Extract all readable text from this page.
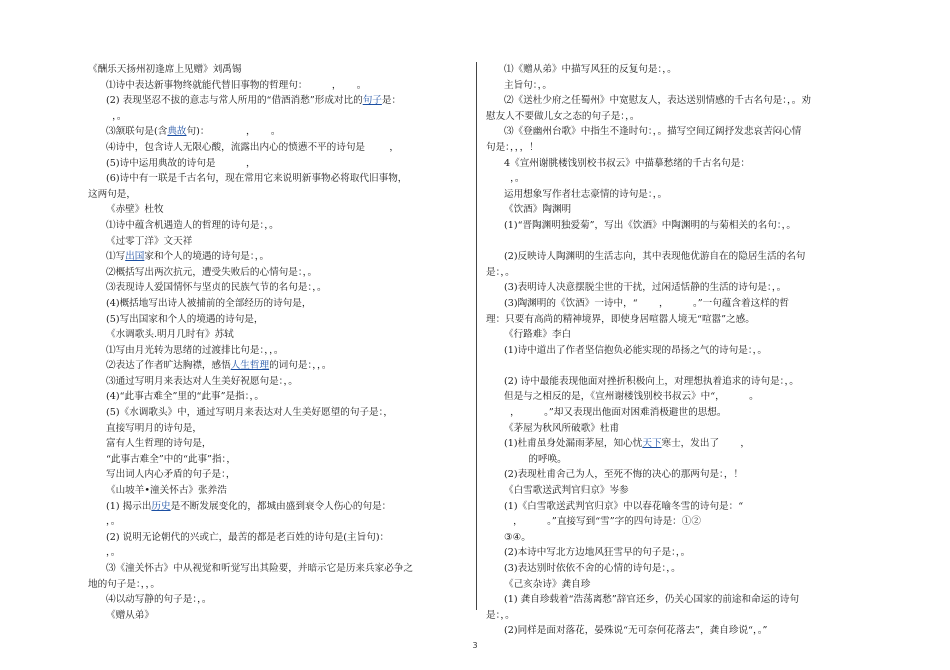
《酬乐天扬州初逢席上见赠》刘禹锡
⑴诗中表达新事物终就能代替旧事物的哲理句：        ，     。
(2) 表现坚忍不拔的意志与常人所用的“借酒消愁”形成对比的句子是：
，。
⑶颔联句是(含典故句)：            ，     。
⑷诗中，包含诗人无限心酸，流露出内心的愤懑不平的诗句是        ，
(5)诗中运用典故的诗句是          ，
(6)诗中有一联是千古名句，现在常用它来说明新事物必将取代旧事物，
这两句是，
《赤壁》杜牧
⑴诗中蕴含机遇造人的哲理的诗句是：，。
《过零丁洋》文天祥
⑴写出国家和个人的境遇的诗句是：，。
⑵概括写出两次抗元，遭受失败后的心情句是：，。
⑶表现诗人爱国情怀与坚贞的民族气节的名句是：，。
(4)概括地写出诗人被捕前的全部经历的诗句是，
(5)写出国家和个人的境遇的诗句是，
《水调歌头.明月几时有》苏轼
⑴写由月光转为思绪的过渡排比句是：，，。
⑵表达了作者旷达胸襟，感悟人生哲理的词句是：，，。
⑶通过写明月来表达对人生美好祝愿句是：，。
(4)“此事古难全”里的“此事”是指：，。
(5)《水调歌头》中，通过写明月来表达对人生美好愿望的句子是：，
直接写明月的诗句是，
富有人生哲理的诗句是，
“此事古难全”中的“此事”指：，
写出词人内心矛盾的句子是：，
《山坡羊•潼关怀古》张养浩
(1) 揭示出历史是不断发展变化的，都城由盛到衰令人伤心的句是：
，。
(2) 说明无论朝代的兴或亡，最苦的都是老百姓的诗句是(主旨句)：
，。
⑶《潼关怀古》中从视觉和听觉写出其险要，并暗示它是历来兵家必争之
地的句子是：，，。
⑷以动写静的句子是：，。
《赠从弟》
⑴《赠从弟》中描写风狂的反复句是：，。
主旨句：，。
⑵《送杜少府之任蜀州》中宽慰友人，表达送别情感的千古名句是：，。劝
慰友人不要做儿女之态的句子是：，。
⑶《登幽州台歌》中指生不逢时句：，。描写空间辽阔抒发悲哀苦闷心情
句是：，，，！
4《宣州谢朓楼饯别校书叔云》中描摹愁绪的千古名句是：
，。
运用想象写作者壮志豪情的诗句是：，。
《饮酒》陶渊明
(1)“晋陶渊明独爱菊”，写出《饮酒》中陶渊明的与菊相关的名句：，。
(2)反映诗人陶渊明的生活志向，其中表现他优游自在的隐居生活的名句
是：，。
(3)表明诗人决意摆脱尘世的干扰，过闲适恬静的生活的诗句是：，。
(3)陶渊明的《饮酒》一诗中，“       ，        。”一句蕴含着这样的哲
理：只要有高尚的精神境界，即使身居喧嚣人境无“喧嚣”之感。
《行路难》李白
(1)诗中道出了作者坚信抱负必能实现的昂扬之气的诗句是：，。
(2) 诗中最能表现他面对挫折积极向上，对理想执着追求的诗句是：，。
但是与之相反的是，《宣州谢楼饯别校书叔云》中“，        。
，        。”却又表现出他面对困难消极避世的思想。
《茅屋为秋风所破歌》杜甫
(1)杜甫虽身处漏雨茅屋，知心忧天下寒士，发出了       ，
的呼唤。
(2)表现杜甫舍己为人，至死不悔的决心的那两句是：，！
《白雪歌送武判官归京》岑参
(1)《白雪歌送武判官归京》中以春花喻冬雪的诗句是：“
，        。”直接写到“雪”字的四句诗是：①②
③④。
(2)本诗中写北方边地风狂雪早的句子是：，。
(3)表达别时依依不舍的心情的诗句是：，。
《己亥杂诗》龚自珍
(1) 龚自珍载着“浩荡离愁”辞官还乡，仍关心国家的前途和命运的诗句
是：，。
(2)同样是面对落花，晏殊说“无可奈何花落去”，龚自珍说“，。”
3
